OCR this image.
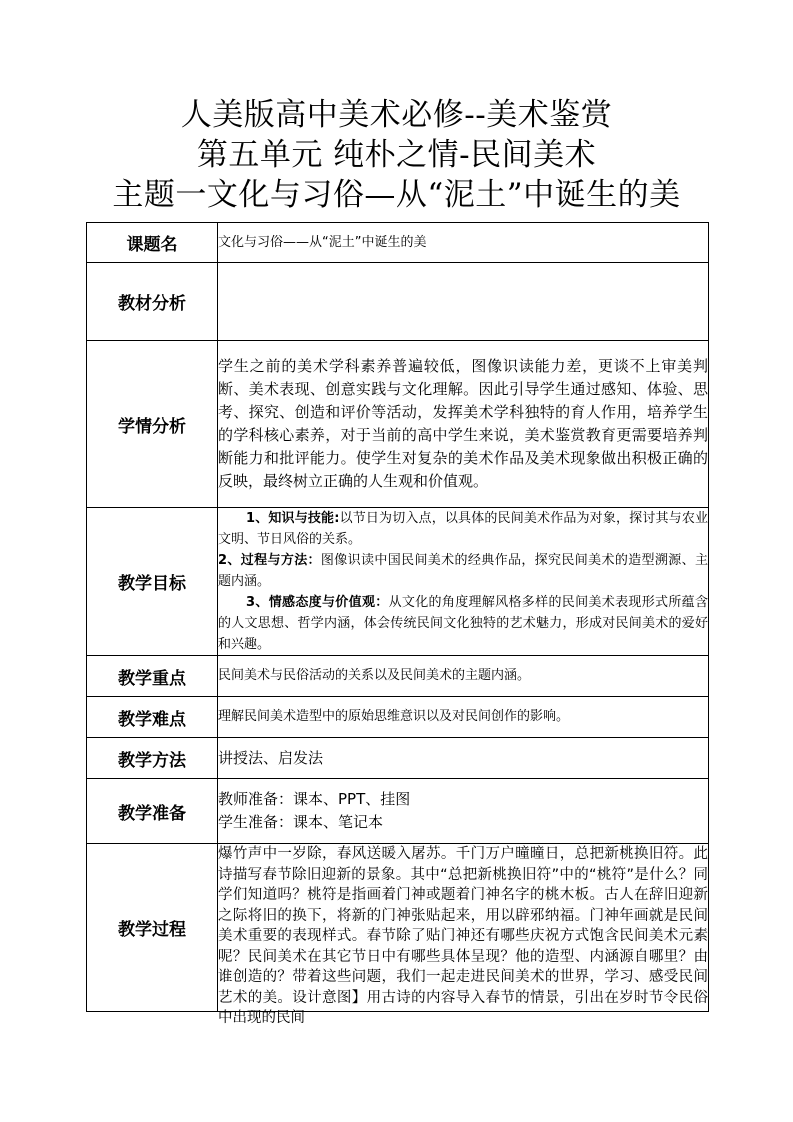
人美版高中美术必修--美术鉴赏
第五单元 纯朴之情-民间美术
主题一文化与习俗—从“泥土”中诞生的美
课题名	文化与习俗——从“泥土”中诞生的美
教材分析	
学情分析	学生之前的美术学科素养普遍较低，图像识读能力差，更谈不上审美判断、美术表现、创意实践与文化理解。因此引导学生通过感知、体验、思考、探究、创造和评价等活动，发挥美术学科独特的育人作用，培养学生的学科核心素养，对于当前的高中学生来说，美术鉴赏教育更需要培养判断能力和批评能力。使学生对复杂的美术作品及美术现象做出积极正确的反映，最终树立正确的人生观和价值观。

教学目标	1、知识与技能:以节日为切入点，以具体的民间美术作品为对象，探讨其与农业文明、节日风俗的关系。

2、过程与方法：图像识读中国民间美术的经典作品，探究民间美术的造型溯源、主题内涵。

3、情感态度与价值观：从文化的角度理解风格多样的民间美术表现形式所蕴含的人文思想、哲学内涵，体会传统民间文化独特的艺术魅力，形成对民间美术的爱好和兴趣。

教学重点	民间美术与民俗活动的关系以及民间美术的主题内涵。
教学难点	理解民间美术造型中的原始思维意识以及对民间创作的影响。
教学方法	讲授法、启发法
教学准备	教师准备：课本、PPT、挂图

学生准备：课本、笔记本

教学过程	爆竹声中一岁除，春风送暖入屠苏。千门万户曈曈日，总把新桃换旧符。此诗描写春节除旧迎新的景象。其中“总把新桃换旧符”中的“桃符”是什么？同学们知道吗？桃符是指画着门神或题着门神名字的桃木板。古人在辞旧迎新之际将旧的换下，将新的门神张贴起来，用以辟邪纳福。门神年画就是民间美术重要的表现样式。春节除了贴门神还有哪些庆祝方式饱含民间美术元素呢？民间美术在其它节日中有哪些具体呈现？他的造型、内涵源自哪里？由谁创造的？带着这些问题，我们一起走进民间美术的世界，学习、感受民间艺术的美。设计意图】用古诗的内容导入春节的情景，引出在岁时节令民俗中出现的民间
